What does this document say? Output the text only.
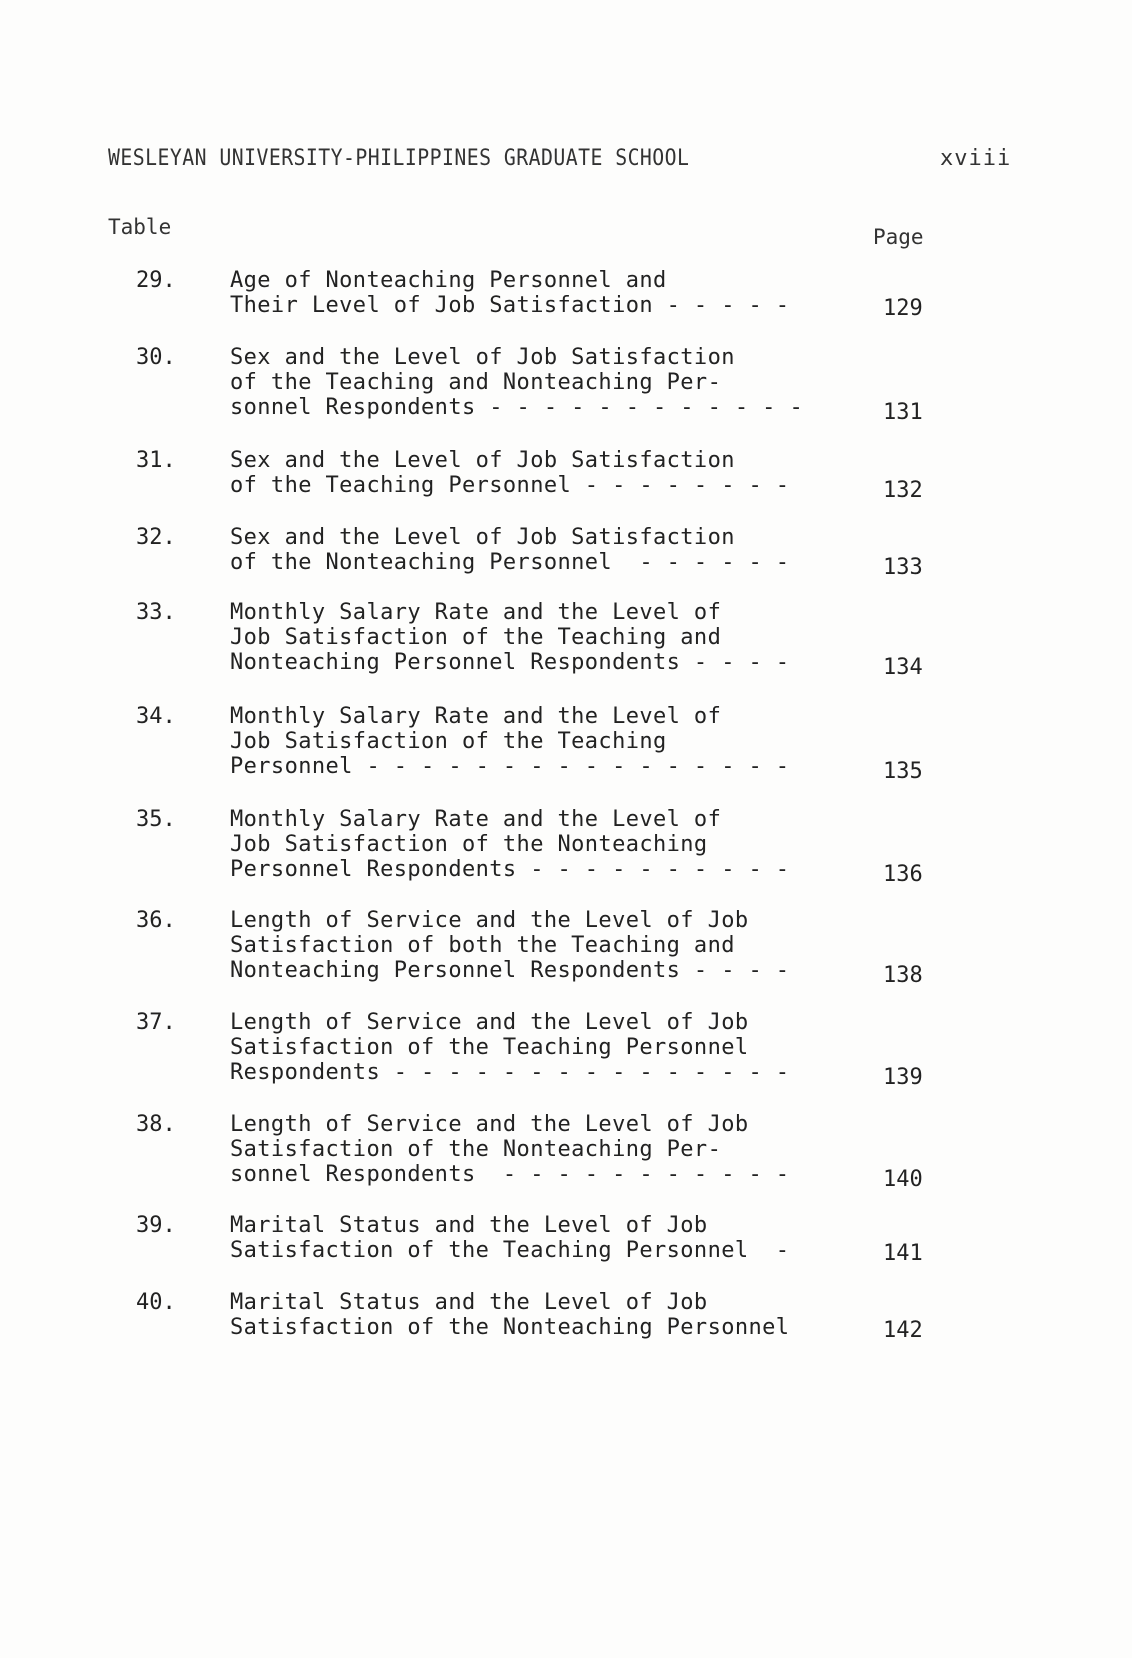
WESLEYAN UNIVERSITY-PHILIPPINES GRADUATE SCHOOL	xviii
Table	Page
29. Age of Nonteaching Personnel and
Their Level of Job Satisfaction - - - - -	129
30. Sex and the Level of Job Satisfaction
of the Teaching and Nonteaching Per-
sonnel Respondents - - - - - - - - - - - -	131
31. Sex and the Level of Job Satisfaction
of the Teaching Personnel - - - - - - - -	132
32. Sex and the Level of Job Satisfaction
of the Nonteaching Personnel  - - - - - -	133
33. Monthly Salary Rate and the Level of
Job Satisfaction of the Teaching and
Nonteaching Personnel Respondents - - - -	134
34. Monthly Salary Rate and the Level of
Job Satisfaction of the Teaching
Personnel - - - - - - - - - - - - - - - -	135
35. Monthly Salary Rate and the Level of
Job Satisfaction of the Nonteaching
Personnel Respondents - - - - - - - - - -	136
36. Length of Service and the Level of Job
Satisfaction of both the Teaching and
Nonteaching Personnel Respondents - - - -	138
37. Length of Service and the Level of Job
Satisfaction of the Teaching Personnel
Respondents - - - - - - - - - - - - - - -	139
38. Length of Service and the Level of Job
Satisfaction of the Nonteaching Per-
sonnel Respondents  - - - - - - - - - - -	140
39. Marital Status and the Level of Job
Satisfaction of the Teaching Personnel  -	141
40. Marital Status and the Level of Job
Satisfaction of the Nonteaching Personnel	142
